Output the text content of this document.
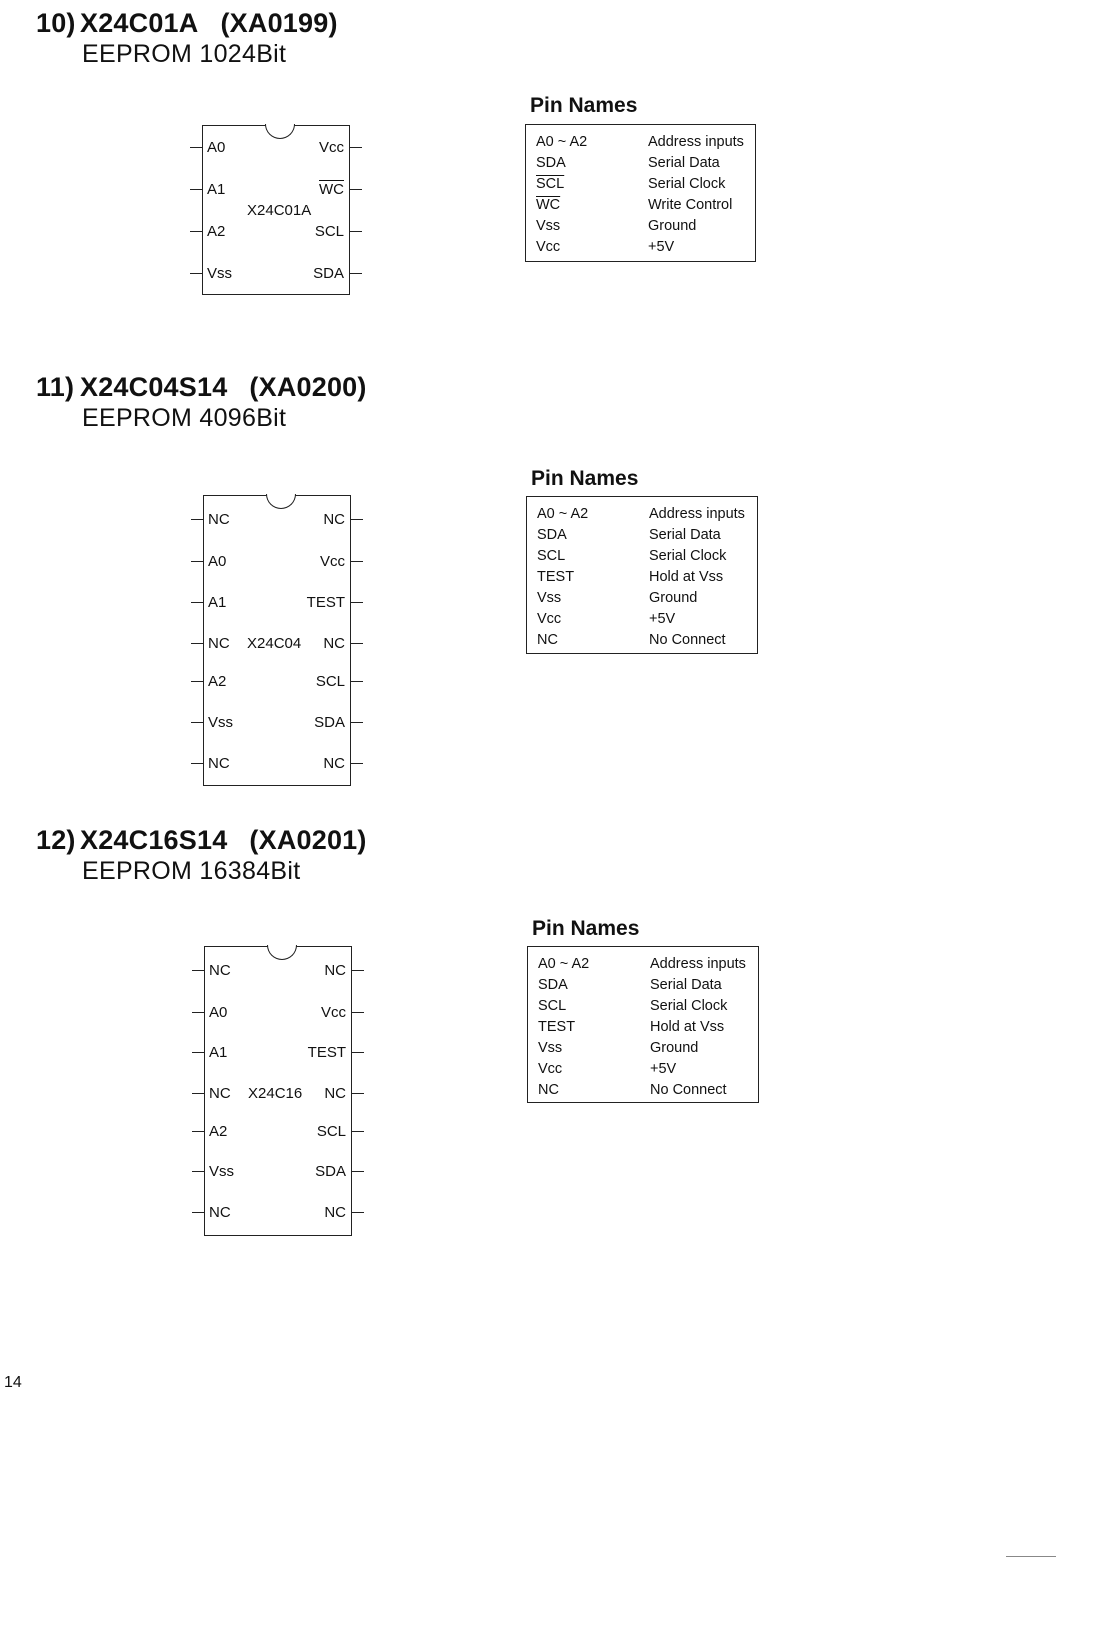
10) X24C01A (XA0199)

EEPROM 1024Bit

A0
A1
A2
Vss
Vcc
$\overline{WC}$
SCL
SDA
X24C01A
Pin Names
A0 ~ A2	Address inputs
SDA	Serial Data
$\overline{SCL}$	Serial Clock
$\overline{WC}$	Write Control
Vss	Ground
Vcc	+5V
11) X24C04S14 (XA0200)

EEPROM 4096Bit

NC
A0
A1
NC
A2
Vss
NC
NC
Vcc
TEST
NC
SCL
SDA
NC
X24C04
Pin Names
A0 ~ A2	Address inputs
SDA	Serial Data
SCL	Serial Clock
TEST	Hold at Vss
Vss	Ground
Vcc	+5V
NC	No Connect
12) X24C16S14 (XA0201)

EEPROM 16384Bit

NC
A0
A1
NC
A2
Vss
NC
NC
Vcc
TEST
NC
SCL
SDA
NC
X24C16
Pin Names
A0 ~ A2	Address inputs
SDA	Serial Data
SCL	Serial Clock
TEST	Hold at Vss
Vss	Ground
Vcc	+5V
NC	No Connect
14
